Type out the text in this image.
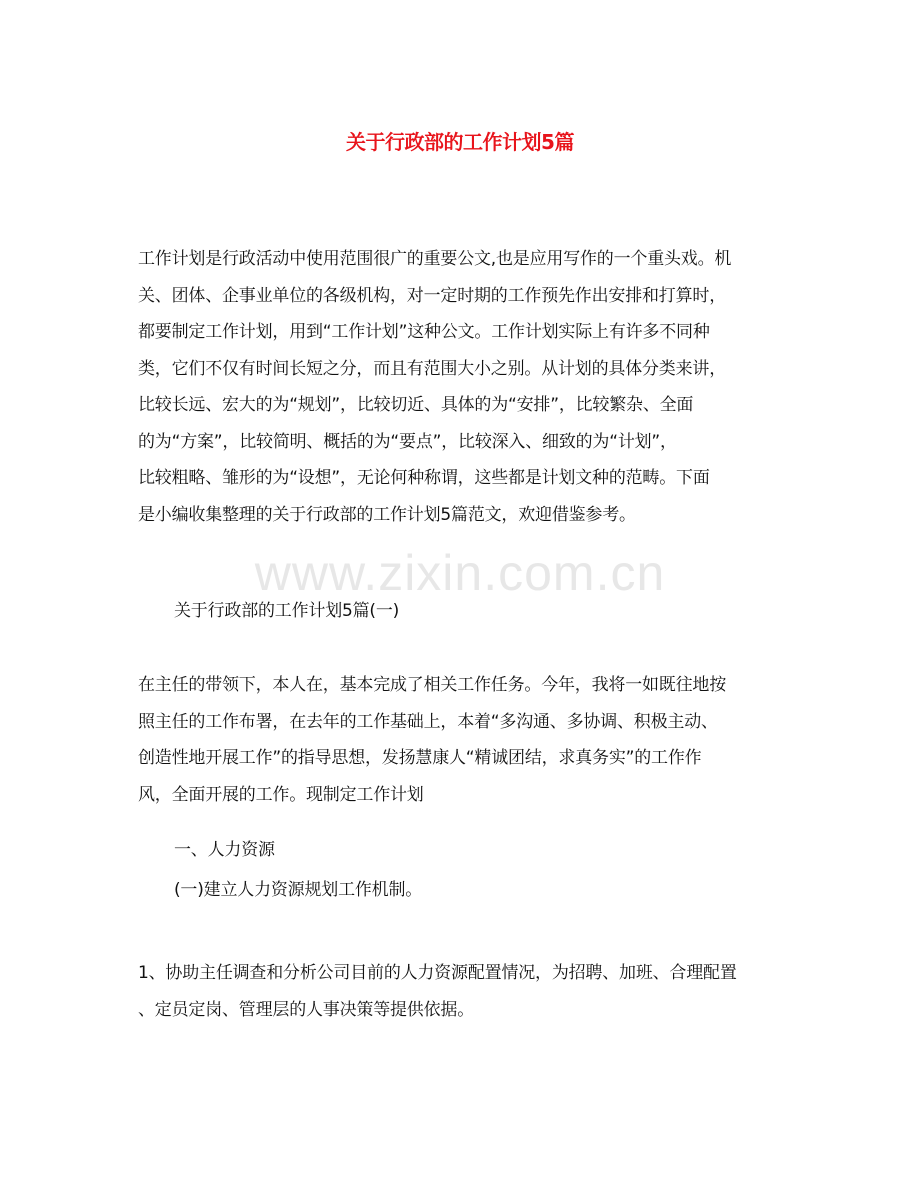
关于行政部的工作计划5篇
www.zixin.com.cn
工作计划是行政活动中使用范围很广的重要公文,也是应用写作的一个重头戏。机
关、团体、企事业单位的各级机构，对一定时期的工作预先作出安排和打算时，
都要制定工作计划，用到“工作计划”这种公文。工作计划实际上有许多不同种
类，它们不仅有时间长短之分，而且有范围大小之别。从计划的具体分类来讲，
比较长远、宏大的为“规划”，比较切近、具体的为“安排”，比较繁杂、全面
的为“方案”，比较简明、概括的为“要点”，比较深入、细致的为“计划”，
比较粗略、雏形的为“设想”，无论何种称谓，这些都是计划文种的范畴。下面
是小编收集整理的关于行政部的工作计划5篇范文，欢迎借鉴参考。
关于行政部的工作计划5篇(一)
在主任的带领下，本人在，基本完成了相关工作任务。今年，我将一如既往地按
照主任的工作布署，在去年的工作基础上，本着“多沟通、多协调、积极主动、
创造性地开展工作”的指导思想，发扬慧康人“精诚团结，求真务实”的工作作
风，全面开展的工作。现制定工作计划
一、人力资源
(一)建立人力资源规划工作机制。
1、协助主任调查和分析公司目前的人力资源配置情况，为招聘、加班、合理配置
、定员定岗、管理层的人事决策等提供依据。
